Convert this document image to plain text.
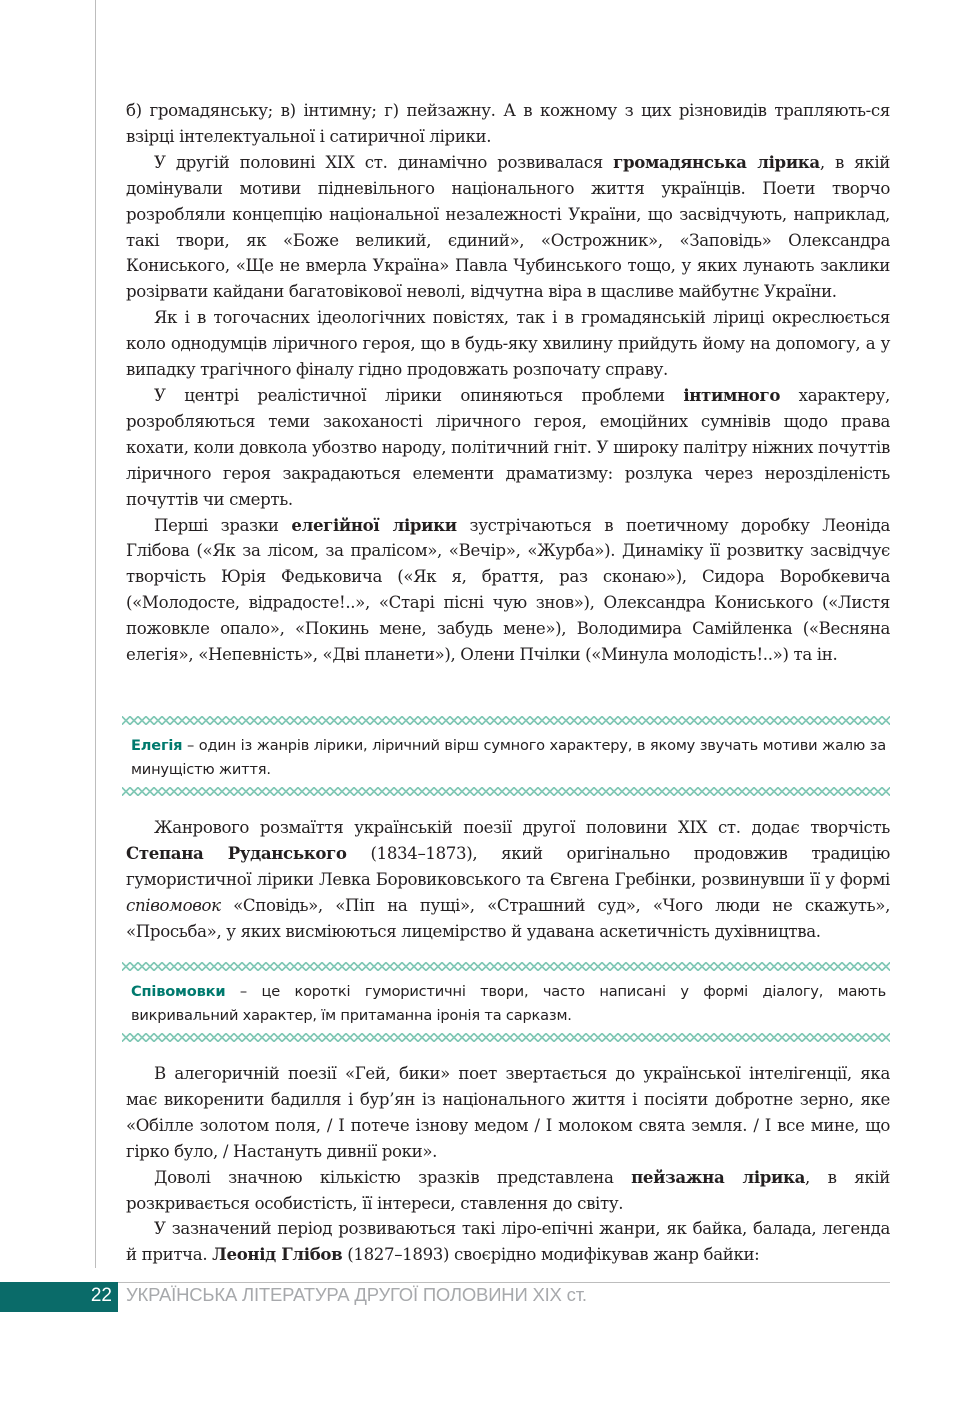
б) громадянську; в) інтимну; г) пейзажну. А в кожному з цих різновидів трапляють-ся взірці інтелектуальної і сатиричної лірики.

У другій половині ХІХ ст. динамічно розвивалася громадянська лірика, в якій домінували мотиви підневільного національного життя українців. Поети творчо розробляли концепцію національної незалежності України, що засвідчують, наприклад, такі твори, як «Боже великий, єдиний», «Острожник», «Заповідь» Олександра Кониського, «Ще не вмерла Україна» Павла Чубинського тощо, у яких лунають заклики розірвати кайдани багатовікової неволі, відчутна віра в щасливе майбутнє України.

Як і в тогочасних ідеологічних повістях, так і в громадянській ліриці окреслюється коло однодумців ліричного героя, що в будь-яку хвилину прийдуть йому на допомогу, а у випадку трагічного фіналу гідно продовжать розпочату справу.

У центрі реалістичної лірики опиняються проблеми інтимного характеру, розробляються теми закоханості ліричного героя, емоційних сумнівів щодо права кохати, коли довкола убозтво народу, політичний гніт. У широку палітру ніжних почуттів ліричного героя закрадаються елементи драматизму: розлука через нерозділеність почуттів чи смерть.

Перші зразки елегійної лірики зустрічаються в поетичному доробку Леоніда Глібова («Як за лісом, за пралісом», «Вечір», «Журба»). Динаміку її розвитку засвідчує творчість Юрія Федьковича («Як я, браття, раз сконаю»), Сидора Воробкевича («Молодосте, відрадосте!..», «Старі пісні чую знов»), Олександра Кониського («Листя пожовкле опало», «Покинь мене, забудь мене»), Володимира Самійленка («Весняна елегія», «Непевність», «Дві планети»), Олени Пчілки («Минула молодість!..») та ін.

Елегія – один із жанрів лірики, ліричний вірш сумного характеру, в якому звучать мотиви жалю за минущістю життя.

Жанрового розмаїття українській поезії другої половини ХІХ ст. додає творчість Степана Руданського (1834–1873), який оригінально продовжив традицію гумористичної лірики Левка Боровиковського та Євгена Гребінки, розвинувши її у формі співомовок «Сповідь», «Піп на пущі», «Страшний суд», «Чого люди не скажуть», «Просьба», у яких висміюються лицемірство й удавана аскетичність духівництва.

Співомовки – це короткі гумористичні твори, часто написані у формі діалогу, мають викривальний характер, їм притаманна іронія та сарказм.

В алегоричній поезії «Гей, бики» поет звертається до української інтелігенції, яка має викоренити бадилля і бур’ян із національного життя і посіяти добротне зерно, яке «Обілле золотом поля, / І потече ізнову медом / І молоком свята земля. / І все мине, що гірко було, / Настануть дивнії роки».

Доволі значною кількістю зразків представлена пейзажна лірика, в якій розкривається особистість, її інтереси, ставлення до світу.

У зазначений період розвиваються такі ліро-епічні жанри, як байка, балада, легенда й притча. Леонід Глібов (1827–1893) своєрідно модифікував жанр байки:

22 УКРАЇНСЬКА ЛІТЕРАТУРА ДРУГОЇ ПОЛОВИНИ ХІХ ст.
